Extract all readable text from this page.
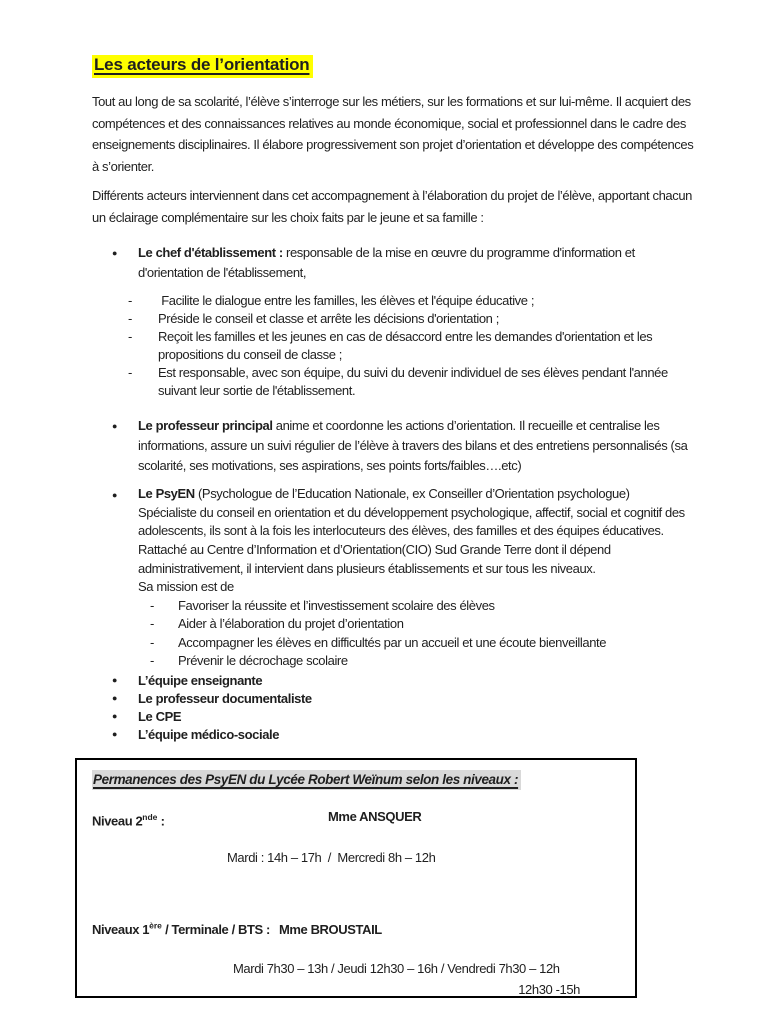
Les acteurs de l’orientation

Tout au long de sa scolarité, l’élève s’interroge sur les métiers, sur les formations et sur lui-même. Il acquiert des compétences et des connaissances relatives au monde économique, social et professionnel dans le cadre des enseignements disciplinaires. Il élabore progressivement son projet d’orientation et développe des compétences à s’orienter.

Différents acteurs interviennent dans cet accompagnement à l’élaboration du projet de l’élève, apportant chacun un éclairage complémentaire sur les choix faits par le jeune et sa famille :

●	Le chef d'établissement : responsable de la mise en œuvre du programme d'information et d'orientation de l'établissement,
-	Facilite le dialogue entre les familles, les élèves et l'équipe éducative ;
-	Préside le conseil et classe et arrête les décisions d'orientation ;
-	Reçoit les familles et les jeunes en cas de désaccord entre les demandes d'orientation et les propositions du conseil de classe ;
-	Est responsable, avec son équipe, du suivi du devenir individuel de ses élèves pendant l'année suivant leur sortie de l'établissement.
●	Le professeur principal anime et coordonne les actions d’orientation. Il recueille et centralise les informations, assure un suivi régulier de l’élève à travers des bilans et des entretiens personnalisés (sa scolarité, ses motivations, ses aspirations, ses points forts/faibles….etc)
●	Le PsyEN (Psychologue de l’Education Nationale, ex Conseiller d’Orientation psychologue)
Spécialiste du conseil en orientation et du développement psychologique, affectif, social et cognitif des adolescents, ils sont à la fois les interlocuteurs des élèves, des familles et des équipes éducatives.
Rattaché au Centre d’Information et d’Orientation(CIO) Sud Grande Terre dont il dépend administrativement, il intervient dans plusieurs établissements et sur tous les niveaux.
Sa mission est de
-	Favoriser la réussite et l’investissement scolaire des élèves
-	Aider à l’élaboration du projet d’orientation
-	Accompagner les élèves en difficultés par un accueil et une écoute bienveillante
-	Prévenir le décrochage scolaire
●	L’équipe enseignante
●	Le professeur documentaliste
●	Le CPE
●	L’équipe médico-sociale
Permanences des PsyEN du Lycée Robert Weïnum selon les niveaux :
Niveau 2nde :	Mme ANSQUER
Mardi : 14h – 17h  /  Mercredi 8h – 12h
Niveaux 1ère / Terminale / BTS : Mme BROUSTAIL
Mardi 7h30 – 13h / Jeudi 12h30 – 16h / Vendredi 7h30 – 12h
12h30 -15h
